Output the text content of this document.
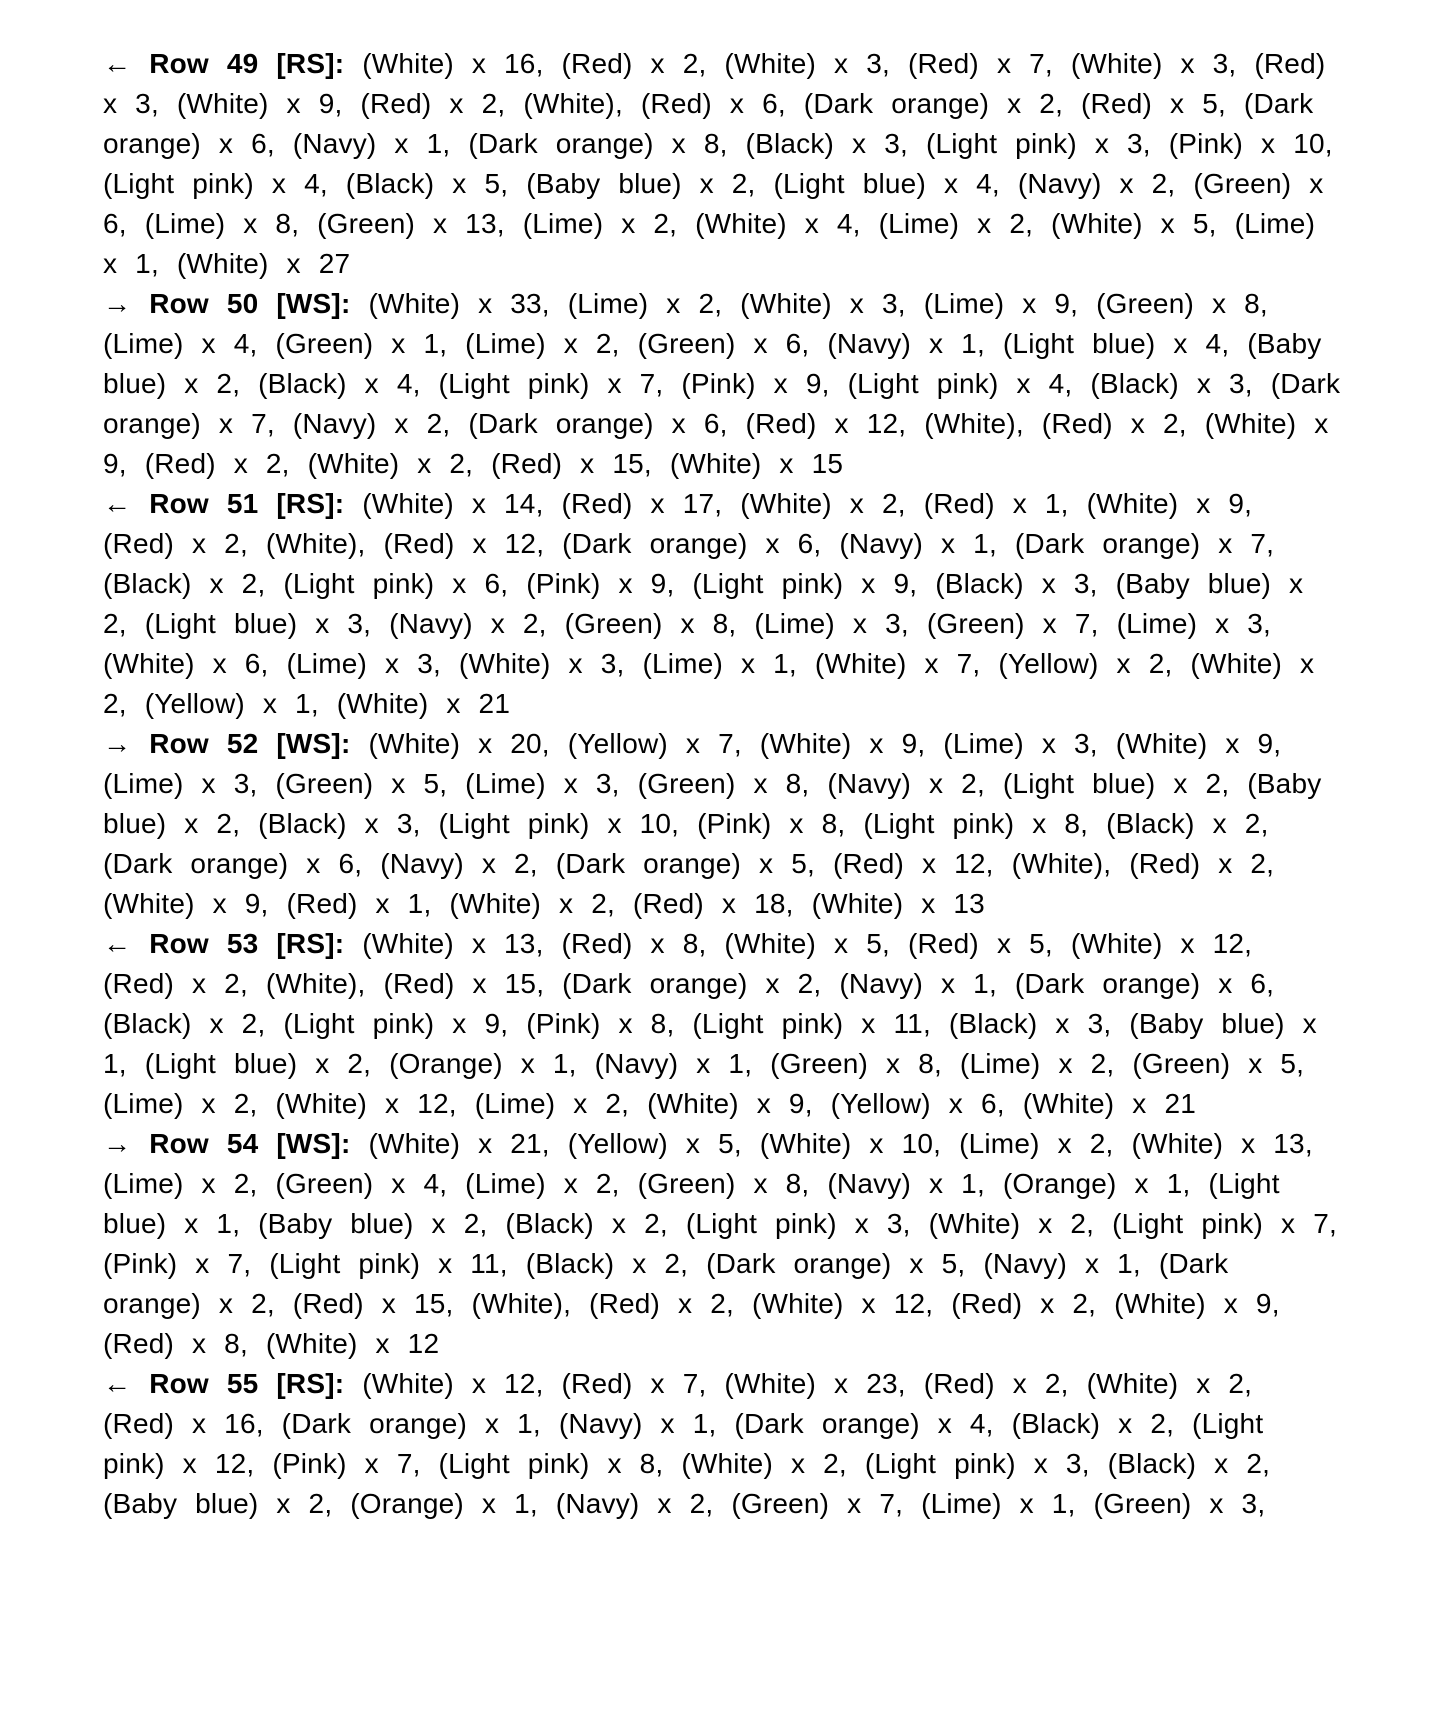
← Row 49 [RS]: (White) x 16, (Red) x 2, (White) x 3, (Red) x 7, (White) x 3, (Red) x 3, (White) x 9, (Red) x 2, (White), (Red) x 6, (Dark orange) x 2, (Red) x 5, (Dark orange) x 6, (Navy) x 1, (Dark orange) x 8, (Black) x 3, (Light pink) x 3, (Pink) x 10, (Light pink) x 4, (Black) x 5, (Baby blue) x 2, (Light blue) x 4, (Navy) x 2, (Green) x 6, (Lime) x 8, (Green) x 13, (Lime) x 2, (White) x 4, (Lime) x 2, (White) x 5, (Lime) x 1, (White) x 27

→ Row 50 [WS]: (White) x 33, (Lime) x 2, (White) x 3, (Lime) x 9, (Green) x 8, (Lime) x 4, (Green) x 1, (Lime) x 2, (Green) x 6, (Navy) x 1, (Light blue) x 4, (Baby blue) x 2, (Black) x 4, (Light pink) x 7, (Pink) x 9, (Light pink) x 4, (Black) x 3, (Dark orange) x 7, (Navy) x 2, (Dark orange) x 6, (Red) x 12, (White), (Red) x 2, (White) x 9, (Red) x 2, (White) x 2, (Red) x 15, (White) x 15

← Row 51 [RS]: (White) x 14, (Red) x 17, (White) x 2, (Red) x 1, (White) x 9, (Red) x 2, (White), (Red) x 12, (Dark orange) x 6, (Navy) x 1, (Dark orange) x 7, (Black) x 2, (Light pink) x 6, (Pink) x 9, (Light pink) x 9, (Black) x 3, (Baby blue) x 2, (Light blue) x 3, (Navy) x 2, (Green) x 8, (Lime) x 3, (Green) x 7, (Lime) x 3, (White) x 6, (Lime) x 3, (White) x 3, (Lime) x 1, (White) x 7, (Yellow) x 2, (White) x 2, (Yellow) x 1, (White) x 21

→ Row 52 [WS]: (White) x 20, (Yellow) x 7, (White) x 9, (Lime) x 3, (White) x 9, (Lime) x 3, (Green) x 5, (Lime) x 3, (Green) x 8, (Navy) x 2, (Light blue) x 2, (Baby blue) x 2, (Black) x 3, (Light pink) x 10, (Pink) x 8, (Light pink) x 8, (Black) x 2, (Dark orange) x 6, (Navy) x 2, (Dark orange) x 5, (Red) x 12, (White), (Red) x 2, (White) x 9, (Red) x 1, (White) x 2, (Red) x 18, (White) x 13

← Row 53 [RS]: (White) x 13, (Red) x 8, (White) x 5, (Red) x 5, (White) x 12, (Red) x 2, (White), (Red) x 15, (Dark orange) x 2, (Navy) x 1, (Dark orange) x 6, (Black) x 2, (Light pink) x 9, (Pink) x 8, (Light pink) x 11, (Black) x 3, (Baby blue) x 1, (Light blue) x 2, (Orange) x 1, (Navy) x 1, (Green) x 8, (Lime) x 2, (Green) x 5, (Lime) x 2, (White) x 12, (Lime) x 2, (White) x 9, (Yellow) x 6, (White) x 21

→ Row 54 [WS]: (White) x 21, (Yellow) x 5, (White) x 10, (Lime) x 2, (White) x 13, (Lime) x 2, (Green) x 4, (Lime) x 2, (Green) x 8, (Navy) x 1, (Orange) x 1, (Light blue) x 1, (Baby blue) x 2, (Black) x 2, (Light pink) x 3, (White) x 2, (Light pink) x 7, (Pink) x 7, (Light pink) x 11, (Black) x 2, (Dark orange) x 5, (Navy) x 1, (Dark orange) x 2, (Red) x 15, (White), (Red) x 2, (White) x 12, (Red) x 2, (White) x 9, (Red) x 8, (White) x 12

← Row 55 [RS]: (White) x 12, (Red) x 7, (White) x 23, (Red) x 2, (White) x 2, (Red) x 16, (Dark orange) x 1, (Navy) x 1, (Dark orange) x 4, (Black) x 2, (Light pink) x 12, (Pink) x 7, (Light pink) x 8, (White) x 2, (Light pink) x 3, (Black) x 2, (Baby blue) x 2, (Orange) x 1, (Navy) x 2, (Green) x 7, (Lime) x 1, (Green) x 3,
